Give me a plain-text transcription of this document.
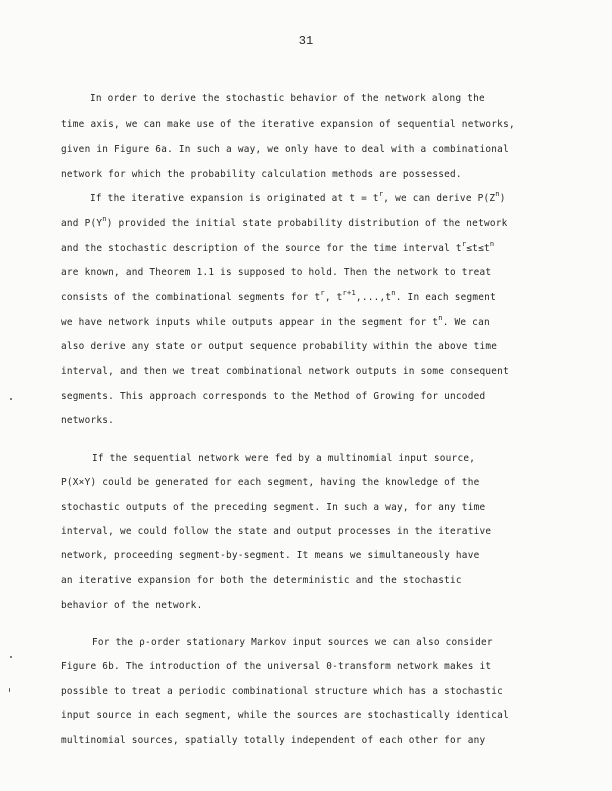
31
In order to derive the stochastic behavior of the network along the
time axis, we can make use of the iterative expansion of sequential networks,
given in Figure 6a. In such a way, we only have to deal with a combinational
network for which the probability calculation methods are possessed.
If the iterative expansion is originated at $t = t^r$, we can derive $P(Z^n)$
and $P(Y^n)$ provided the initial state probability distribution of the network
and the stochastic description of the source for the time interval $t^r\le t\le t^n$
are known, and Theorem 1.1 is supposed to hold. Then the network to treat
consists of the combinational segments for $t^r$, $t^{r+1},...,t^n$. In each segment
we have network inputs while outputs appear in the segment for $t^n$. We can
also derive any state or output sequence probability within the above time
interval, and then we treat combinational network outputs in some consequent
segments. This approach corresponds to the Method of Growing for uncoded
networks.
If the sequential network were fed by a multinomial input source,
P(X×Y) could be generated for each segment, having the knowledge of the
stochastic outputs of the preceding segment. In such a way, for any time
interval, we could follow the state and output processes in the iterative
network, proceeding segment-by-segment. It means we simultaneously have
an iterative expansion for both the deterministic and the stochastic
behavior of the network.
For the ρ-order stationary Markov input sources we can also consider
Figure 6b. The introduction of the universal 0-transform network makes it
possible to treat a periodic combinational structure which has a stochastic
input source in each segment, while the sources are stochastically identical
multinomial sources, spatially totally independent of each other for any
